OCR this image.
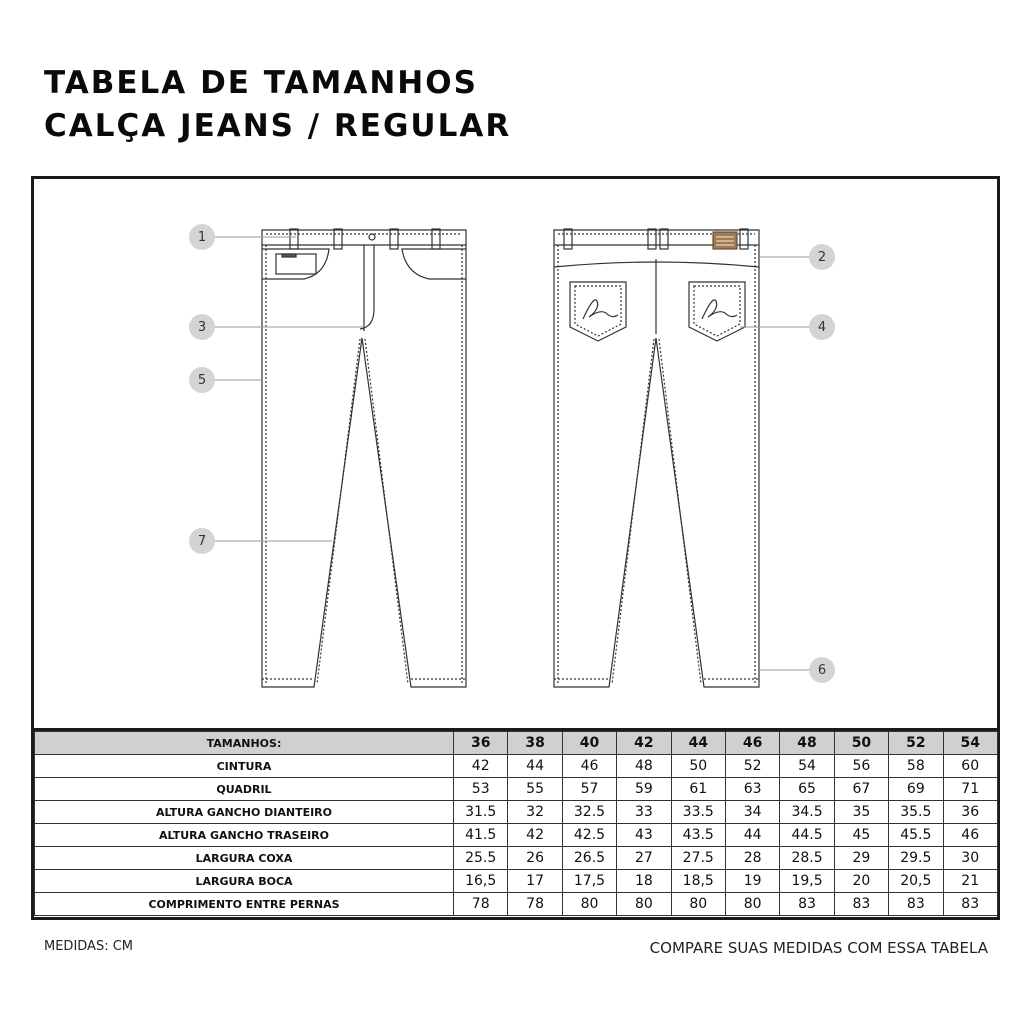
TABELA DE TAMANHOS
CALÇA JEANS / REGULAR
1
2
3	4
5
6
7
TAMANHOS:	36	38	40	42	44	46	48	50	52	54
CINTURA	42	44	46	48	50	52	54	56	58	60
QUADRIL	53	55	57	59	61	63	65	67	69	71
ALTURA GANCHO DIANTEIRO	31.5	32	32.5	33	33.5	34	34.5	35	35.5	36
ALTURA GANCHO TRASEIRO	41.5	42	42.5	43	43.5	44	44.5	45	45.5	46
LARGURA COXA	25.5	26	26.5	27	27.5	28	28.5	29	29.5	30
LARGURA BOCA	16,5	17	17,5	18	18,5	19	19,5	20	20,5	21
COMPRIMENTO ENTRE PERNAS	78	78	80	80	80	80	83	83	83	83
MEDIDAS: CM	COMPARE SUAS MEDIDAS COM ESSA TABELA
